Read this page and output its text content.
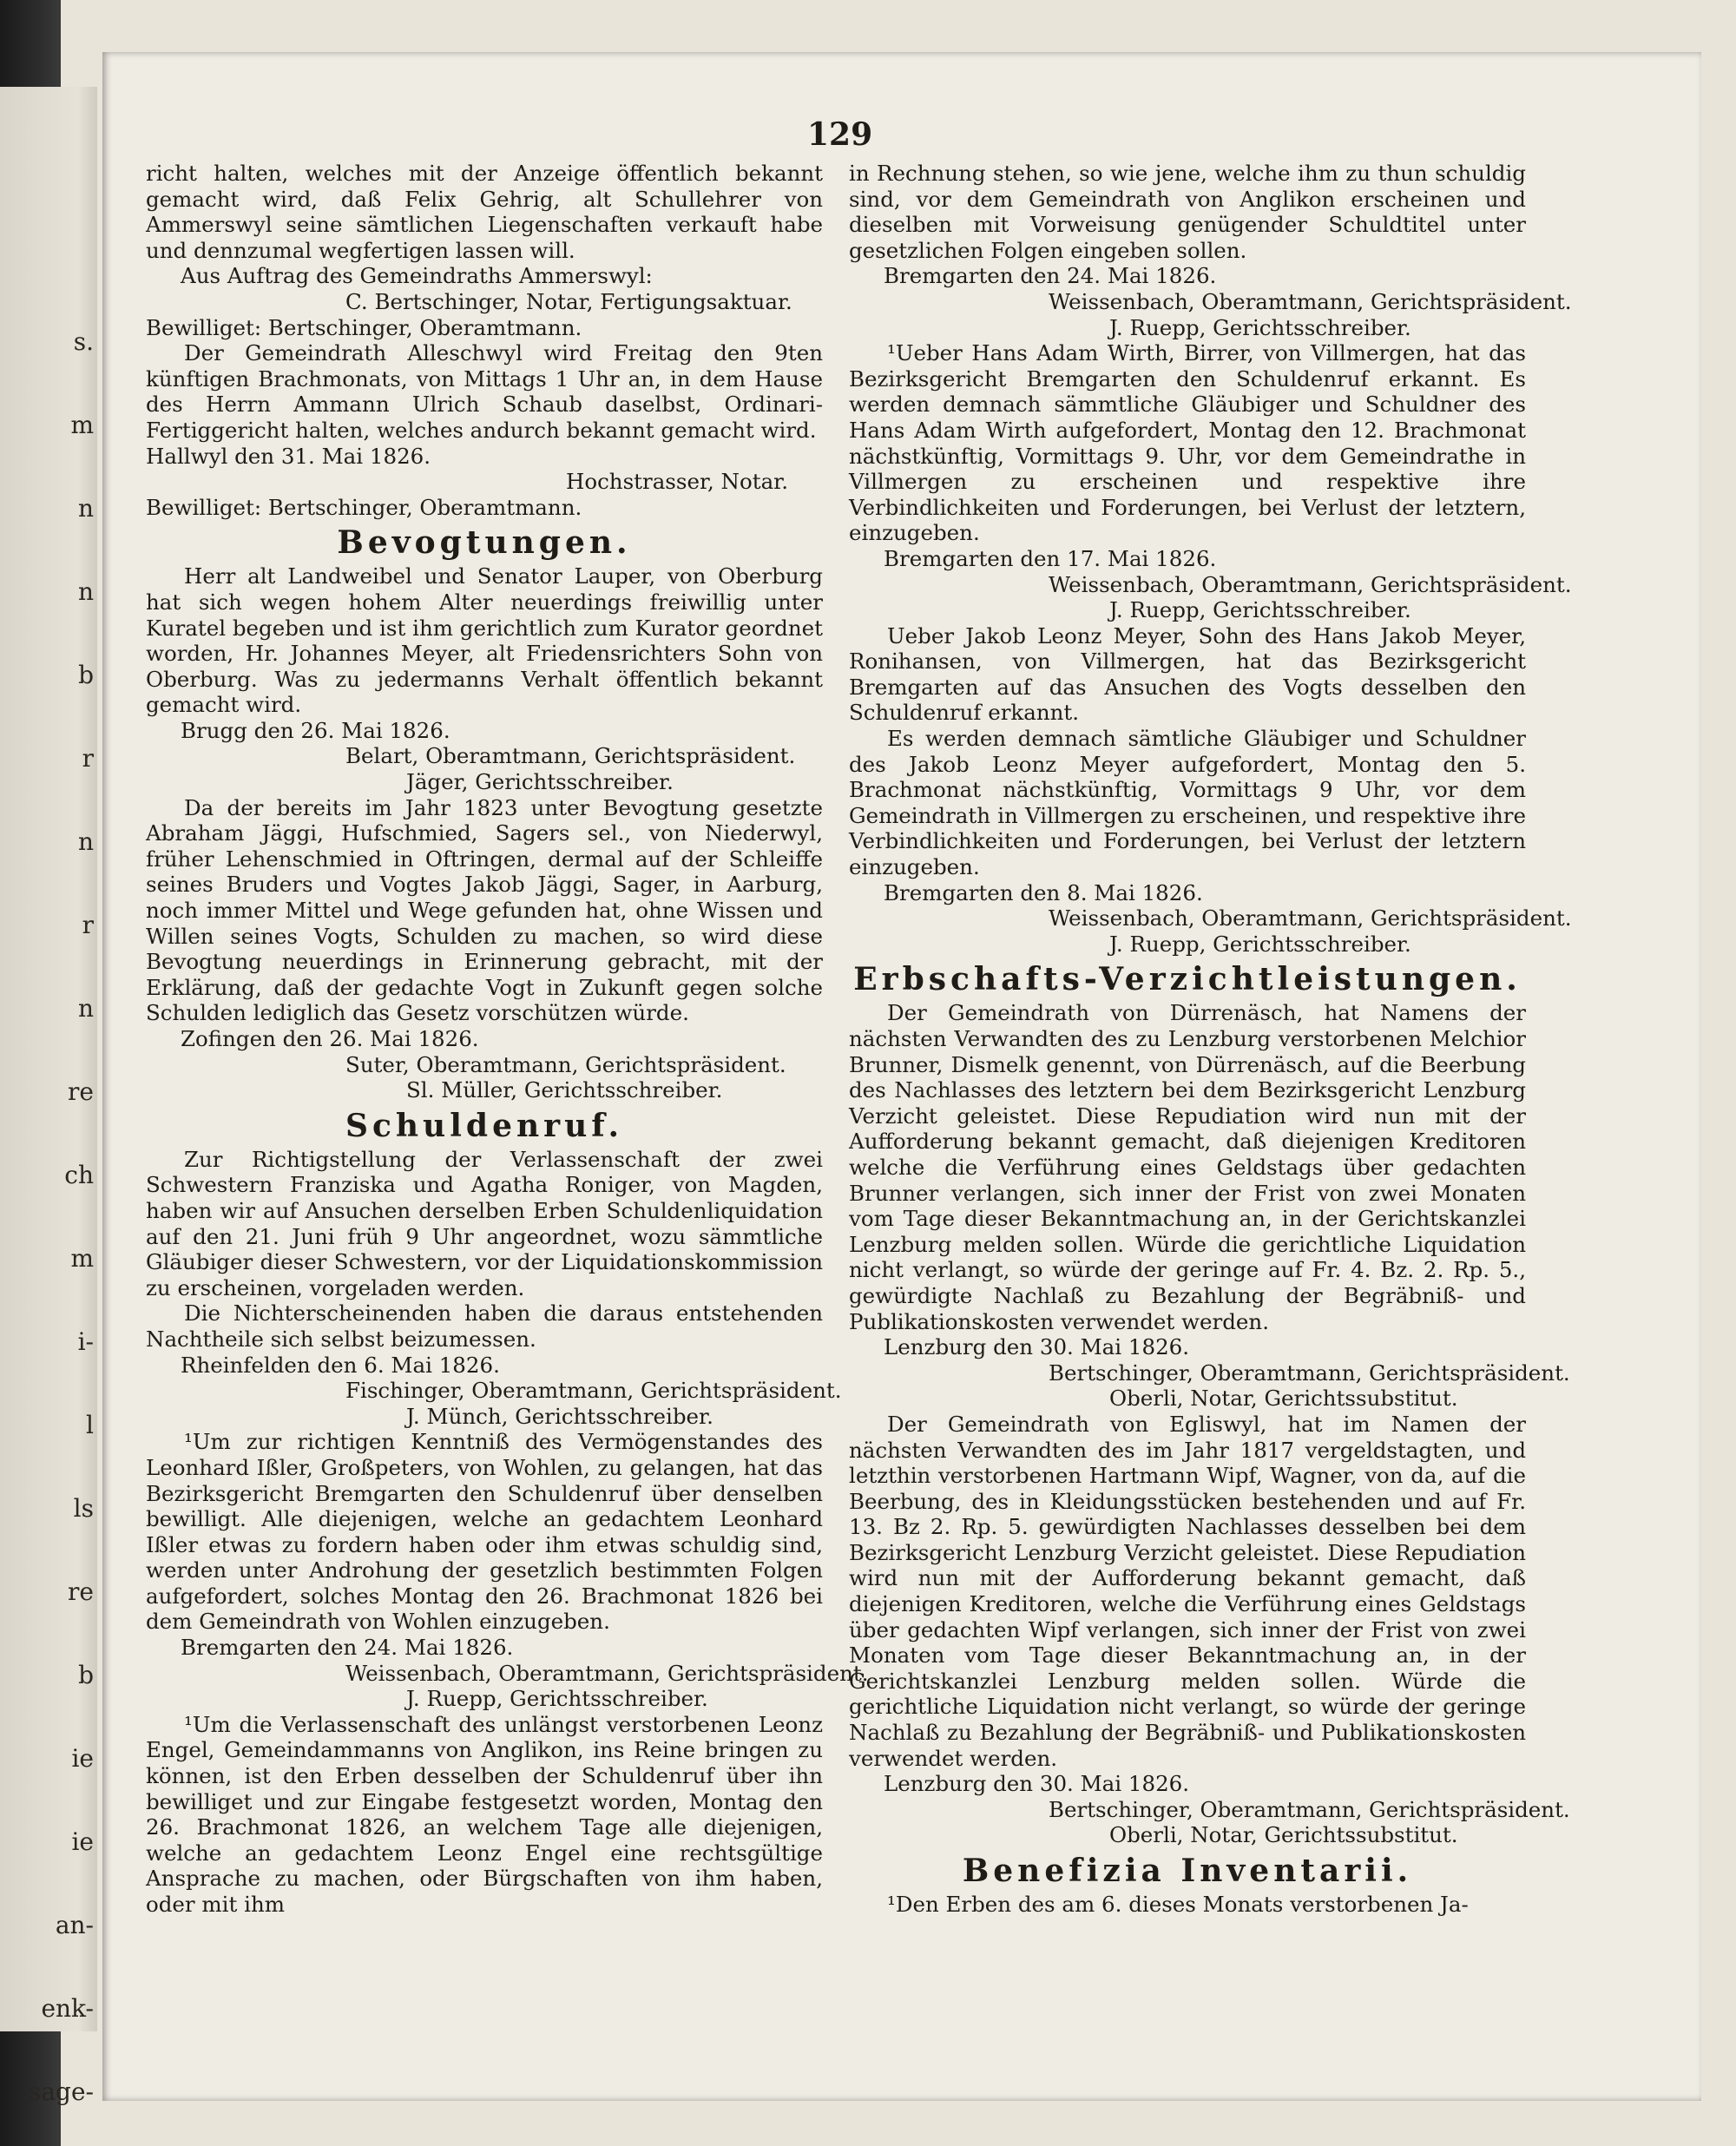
s.
m
n
n
b
r
n
r
n
re
ch
m
i-
l
ls
re
b
ie
ie
an-
enk-
sage-
129

richt halten, welches mit der Anzeige öffentlich bekannt gemacht wird, daß Felix Gehrig, alt Schullehrer von Ammerswyl seine sämtlichen Liegenschaften verkauft habe und dennzumal wegfertigen lassen will.

Aus Auftrag des Gemeindraths Ammerswyl:
C. Bertschinger, Notar, Fertigungsaktuar.
Bewilliget: Bertschinger, Oberamtmann.

Der Gemeindrath Alleschwyl wird Freitag den 9ten künftigen Brachmonats, von Mittags 1 Uhr an, in dem Hause des Herrn Ammann Ulrich Schaub daselbst, Ordinari-Fertiggericht halten, welches andurch bekannt gemacht wird.

Hallwyl den 31. Mai 1826.
Hochstrasser, Notar.
Bewilliget: Bertschinger, Oberamtmann.
Bevogtungen.

Herr alt Landweibel und Senator Lauper, von Oberburg hat sich wegen hohem Alter neuerdings freiwillig unter Kuratel begeben und ist ihm gerichtlich zum Kurator geordnet worden, Hr. Johannes Meyer, alt Friedensrichters Sohn von Oberburg. Was zu jedermanns Verhalt öffentlich bekannt gemacht wird.

Brugg den 26. Mai 1826.
Belart, Oberamtmann, Gerichtspräsident.
Jäger, Gerichtsschreiber.

Da der bereits im Jahr 1823 unter Bevogtung gesetzte Abraham Jäggi, Hufschmied, Sagers sel., von Niederwyl, früher Lehenschmied in Oftringen, dermal auf der Schleiffe seines Bruders und Vogtes Jakob Jäggi, Sager, in Aarburg, noch immer Mittel und Wege gefunden hat, ohne Wissen und Willen seines Vogts, Schulden zu machen, so wird diese Bevogtung neuerdings in Erinnerung gebracht, mit der Erklärung, daß der gedachte Vogt in Zukunft gegen solche Schulden lediglich das Gesetz vorschützen würde.

Zofingen den 26. Mai 1826.
Suter, Oberamtmann, Gerichtspräsident.
Sl. Müller, Gerichtsschreiber.
Schuldenruf.

Zur Richtigstellung der Verlassenschaft der zwei Schwestern Franziska und Agatha Roniger, von Magden, haben wir auf Ansuchen derselben Erben Schuldenliquidation auf den 21. Juni früh 9 Uhr angeordnet, wozu sämmtliche Gläubiger dieser Schwestern, vor der Liquidationskommission zu erscheinen, vorgeladen werden.

Die Nichterscheinenden haben die daraus entstehenden Nachtheile sich selbst beizumessen.

Rheinfelden den 6. Mai 1826.
Fischinger, Oberamtmann, Gerichtspräsident.
J. Münch, Gerichtsschreiber.

¹Um zur richtigen Kenntniß des Vermögenstandes des Leonhard Ißler, Großpeters, von Wohlen, zu gelangen, hat das Bezirksgericht Bremgarten den Schuldenruf über denselben bewilligt. Alle diejenigen, welche an gedachtem Leonhard Ißler etwas zu fordern haben oder ihm etwas schuldig sind, werden unter Androhung der gesetzlich bestimmten Folgen aufgefordert, solches Montag den 26. Brachmonat 1826 bei dem Gemeindrath von Wohlen einzugeben.

Bremgarten den 24. Mai 1826.
Weissenbach, Oberamtmann, Gerichtspräsident.
J. Ruepp, Gerichtsschreiber.

¹Um die Verlassenschaft des unlängst verstorbenen Leonz Engel, Gemeindammanns von Anglikon, ins Reine bringen zu können, ist den Erben desselben der Schuldenruf über ihn bewilliget und zur Eingabe festgesetzt worden, Montag den 26. Brachmonat 1826, an welchem Tage alle diejenigen, welche an gedachtem Leonz Engel eine rechtsgültige Ansprache zu machen, oder Bürgschaften von ihm haben, oder mit ihm

in Rechnung stehen, so wie jene, welche ihm zu thun schuldig sind, vor dem Gemeindrath von Anglikon erscheinen und dieselben mit Vorweisung genügender Schuldtitel unter gesetzlichen Folgen eingeben sollen.

Bremgarten den 24. Mai 1826.
Weissenbach, Oberamtmann, Gerichtspräsident.
J. Ruepp, Gerichtsschreiber.

¹Ueber Hans Adam Wirth, Birrer, von Villmergen, hat das Bezirksgericht Bremgarten den Schuldenruf erkannt. Es werden demnach sämmtliche Gläubiger und Schuldner des Hans Adam Wirth aufgefordert, Montag den 12. Brachmonat nächstkünftig, Vormittags 9. Uhr, vor dem Gemeindrathe in Villmergen zu erscheinen und respektive ihre Verbindlichkeiten und Forderungen, bei Verlust der letztern, einzugeben.

Bremgarten den 17. Mai 1826.
Weissenbach, Oberamtmann, Gerichtspräsident.
J. Ruepp, Gerichtsschreiber.

Ueber Jakob Leonz Meyer, Sohn des Hans Jakob Meyer, Ronihansen, von Villmergen, hat das Bezirksgericht Bremgarten auf das Ansuchen des Vogts desselben den Schuldenruf erkannt.

Es werden demnach sämtliche Gläubiger und Schuldner des Jakob Leonz Meyer aufgefordert, Montag den 5. Brachmonat nächstkünftig, Vormittags 9 Uhr, vor dem Gemeindrath in Villmergen zu erscheinen, und respektive ihre Verbindlichkeiten und Forderungen, bei Verlust der letztern einzugeben.

Bremgarten den 8. Mai 1826.
Weissenbach, Oberamtmann, Gerichtspräsident.
J. Ruepp, Gerichtsschreiber.
Erbschafts-Verzichtleistungen.

Der Gemeindrath von Dürrenäsch, hat Namens der nächsten Verwandten des zu Lenzburg verstorbenen Melchior Brunner, Dismelk genennt, von Dürrenäsch, auf die Beerbung des Nachlasses des letztern bei dem Bezirksgericht Lenzburg Verzicht geleistet. Diese Repudiation wird nun mit der Aufforderung bekannt gemacht, daß diejenigen Kreditoren welche die Verführung eines Geldstags über gedachten Brunner verlangen, sich inner der Frist von zwei Monaten vom Tage dieser Bekanntmachung an, in der Gerichtskanzlei Lenzburg melden sollen. Würde die gerichtliche Liquidation nicht verlangt, so würde der geringe auf Fr. 4. Bz. 2. Rp. 5., gewürdigte Nachlaß zu Bezahlung der Begräbniß- und Publikationskosten verwendet werden.

Lenzburg den 30. Mai 1826.
Bertschinger, Oberamtmann, Gerichtspräsident.
Oberli, Notar, Gerichtssubstitut.

Der Gemeindrath von Egliswyl, hat im Namen der nächsten Verwandten des im Jahr 1817 vergeldstagten, und letzthin verstorbenen Hartmann Wipf, Wagner, von da, auf die Beerbung, des in Kleidungsstücken bestehenden und auf Fr. 13. Bz 2. Rp. 5. gewürdigten Nachlasses desselben bei dem Bezirksgericht Lenzburg Verzicht geleistet. Diese Repudiation wird nun mit der Aufforderung bekannt gemacht, daß diejenigen Kreditoren, welche die Verführung eines Geldstags über gedachten Wipf verlangen, sich inner der Frist von zwei Monaten vom Tage dieser Bekanntmachung an, in der Gerichtskanzlei Lenzburg melden sollen. Würde die gerichtliche Liquidation nicht verlangt, so würde der geringe Nachlaß zu Bezahlung der Begräbniß- und Publikationskosten verwendet werden.

Lenzburg den 30. Mai 1826.
Bertschinger, Oberamtmann, Gerichtspräsident.
Oberli, Notar, Gerichtssubstitut.
Benefizia Inventarii.

¹Den Erben des am 6. dieses Monats verstorbenen Ja-
